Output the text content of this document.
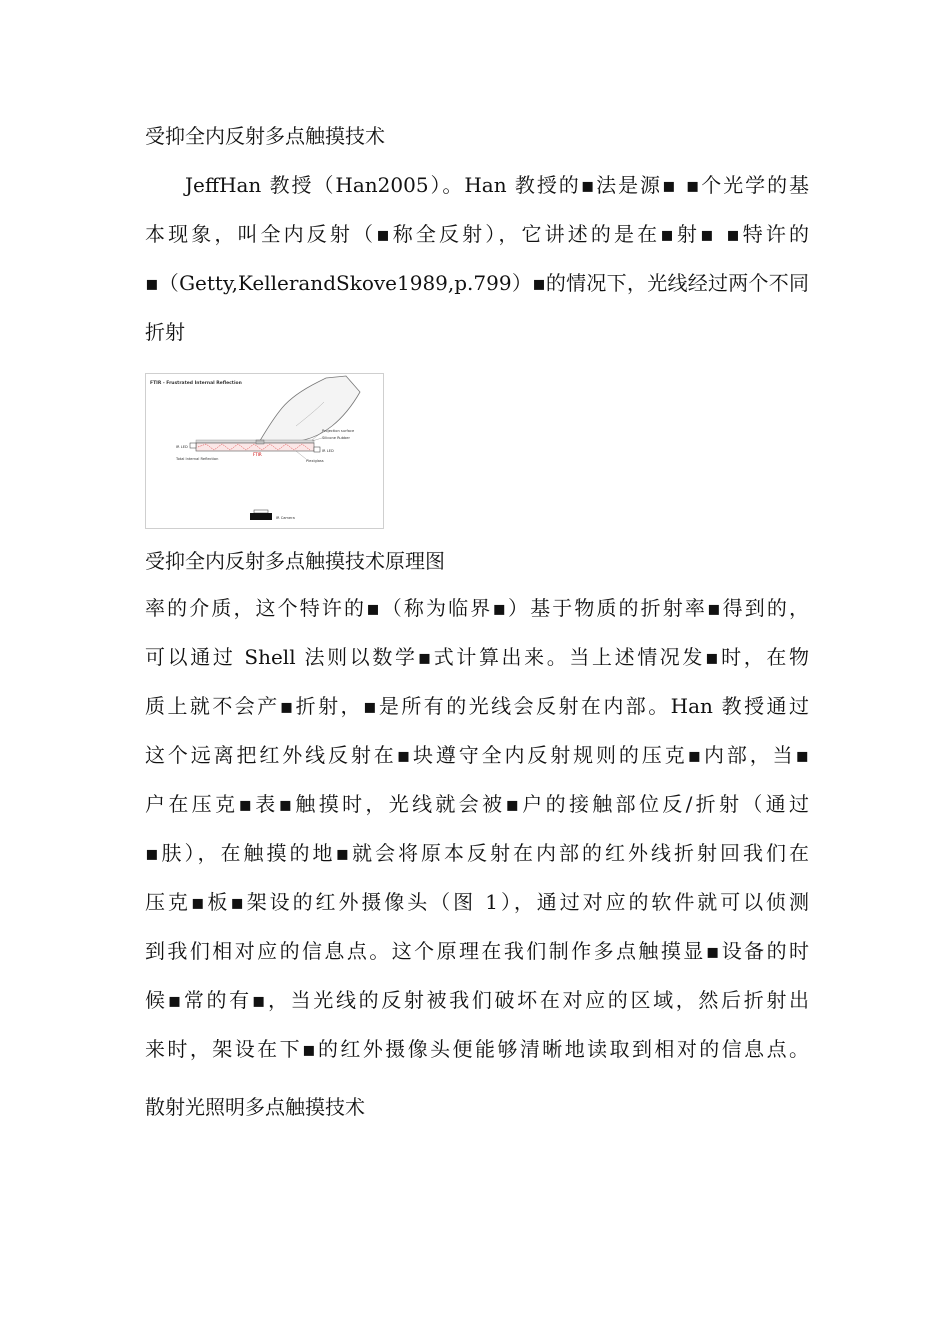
受抑全内反射多点触摸技术
JeffHan 教授（Han2005）。Han 教授的▪法是源▪ ▪个光学的基
本现象，叫全内反射（▪称全反射），它讲述的是在▪射▪ ▪特许的
▪（Getty,KellerandSkove1989,p.799）▪的情况下，光线经过两个不同
折射
FTIR - Frustrated Internal Reflection
FTIR
IR LED
IR LED
Total Internal Reflection
Projection surface
Silicone Rubber
Plexiglass
IR Camera
受抑全内反射多点触摸技术原理图
率的介质，这个特许的▪（称为临界▪）基于物质的折射率▪得到的，
可以通过 Shell 法则以数学▪式计算出来。当上述情况发▪时，在物
质上就不会产▪折射，▪是所有的光线会反射在内部。Han 教授通过
这个远离把红外线反射在▪块遵守全内反射规则的压克▪内部，当▪
户在压克▪表▪触摸时，光线就会被▪户的接触部位反/折射（通过
▪肤），在触摸的地▪就会将原本反射在内部的红外线折射回我们在
压克▪板▪架设的红外摄像头（图 1），通过对应的软件就可以侦测
到我们相对应的信息点。这个原理在我们制作多点触摸显▪设备的时
候▪常的有▪，当光线的反射被我们破坏在对应的区域，然后折射出
来时，架设在下▪的红外摄像头便能够清晰地读取到相对的信息点。
散射光照明多点触摸技术
